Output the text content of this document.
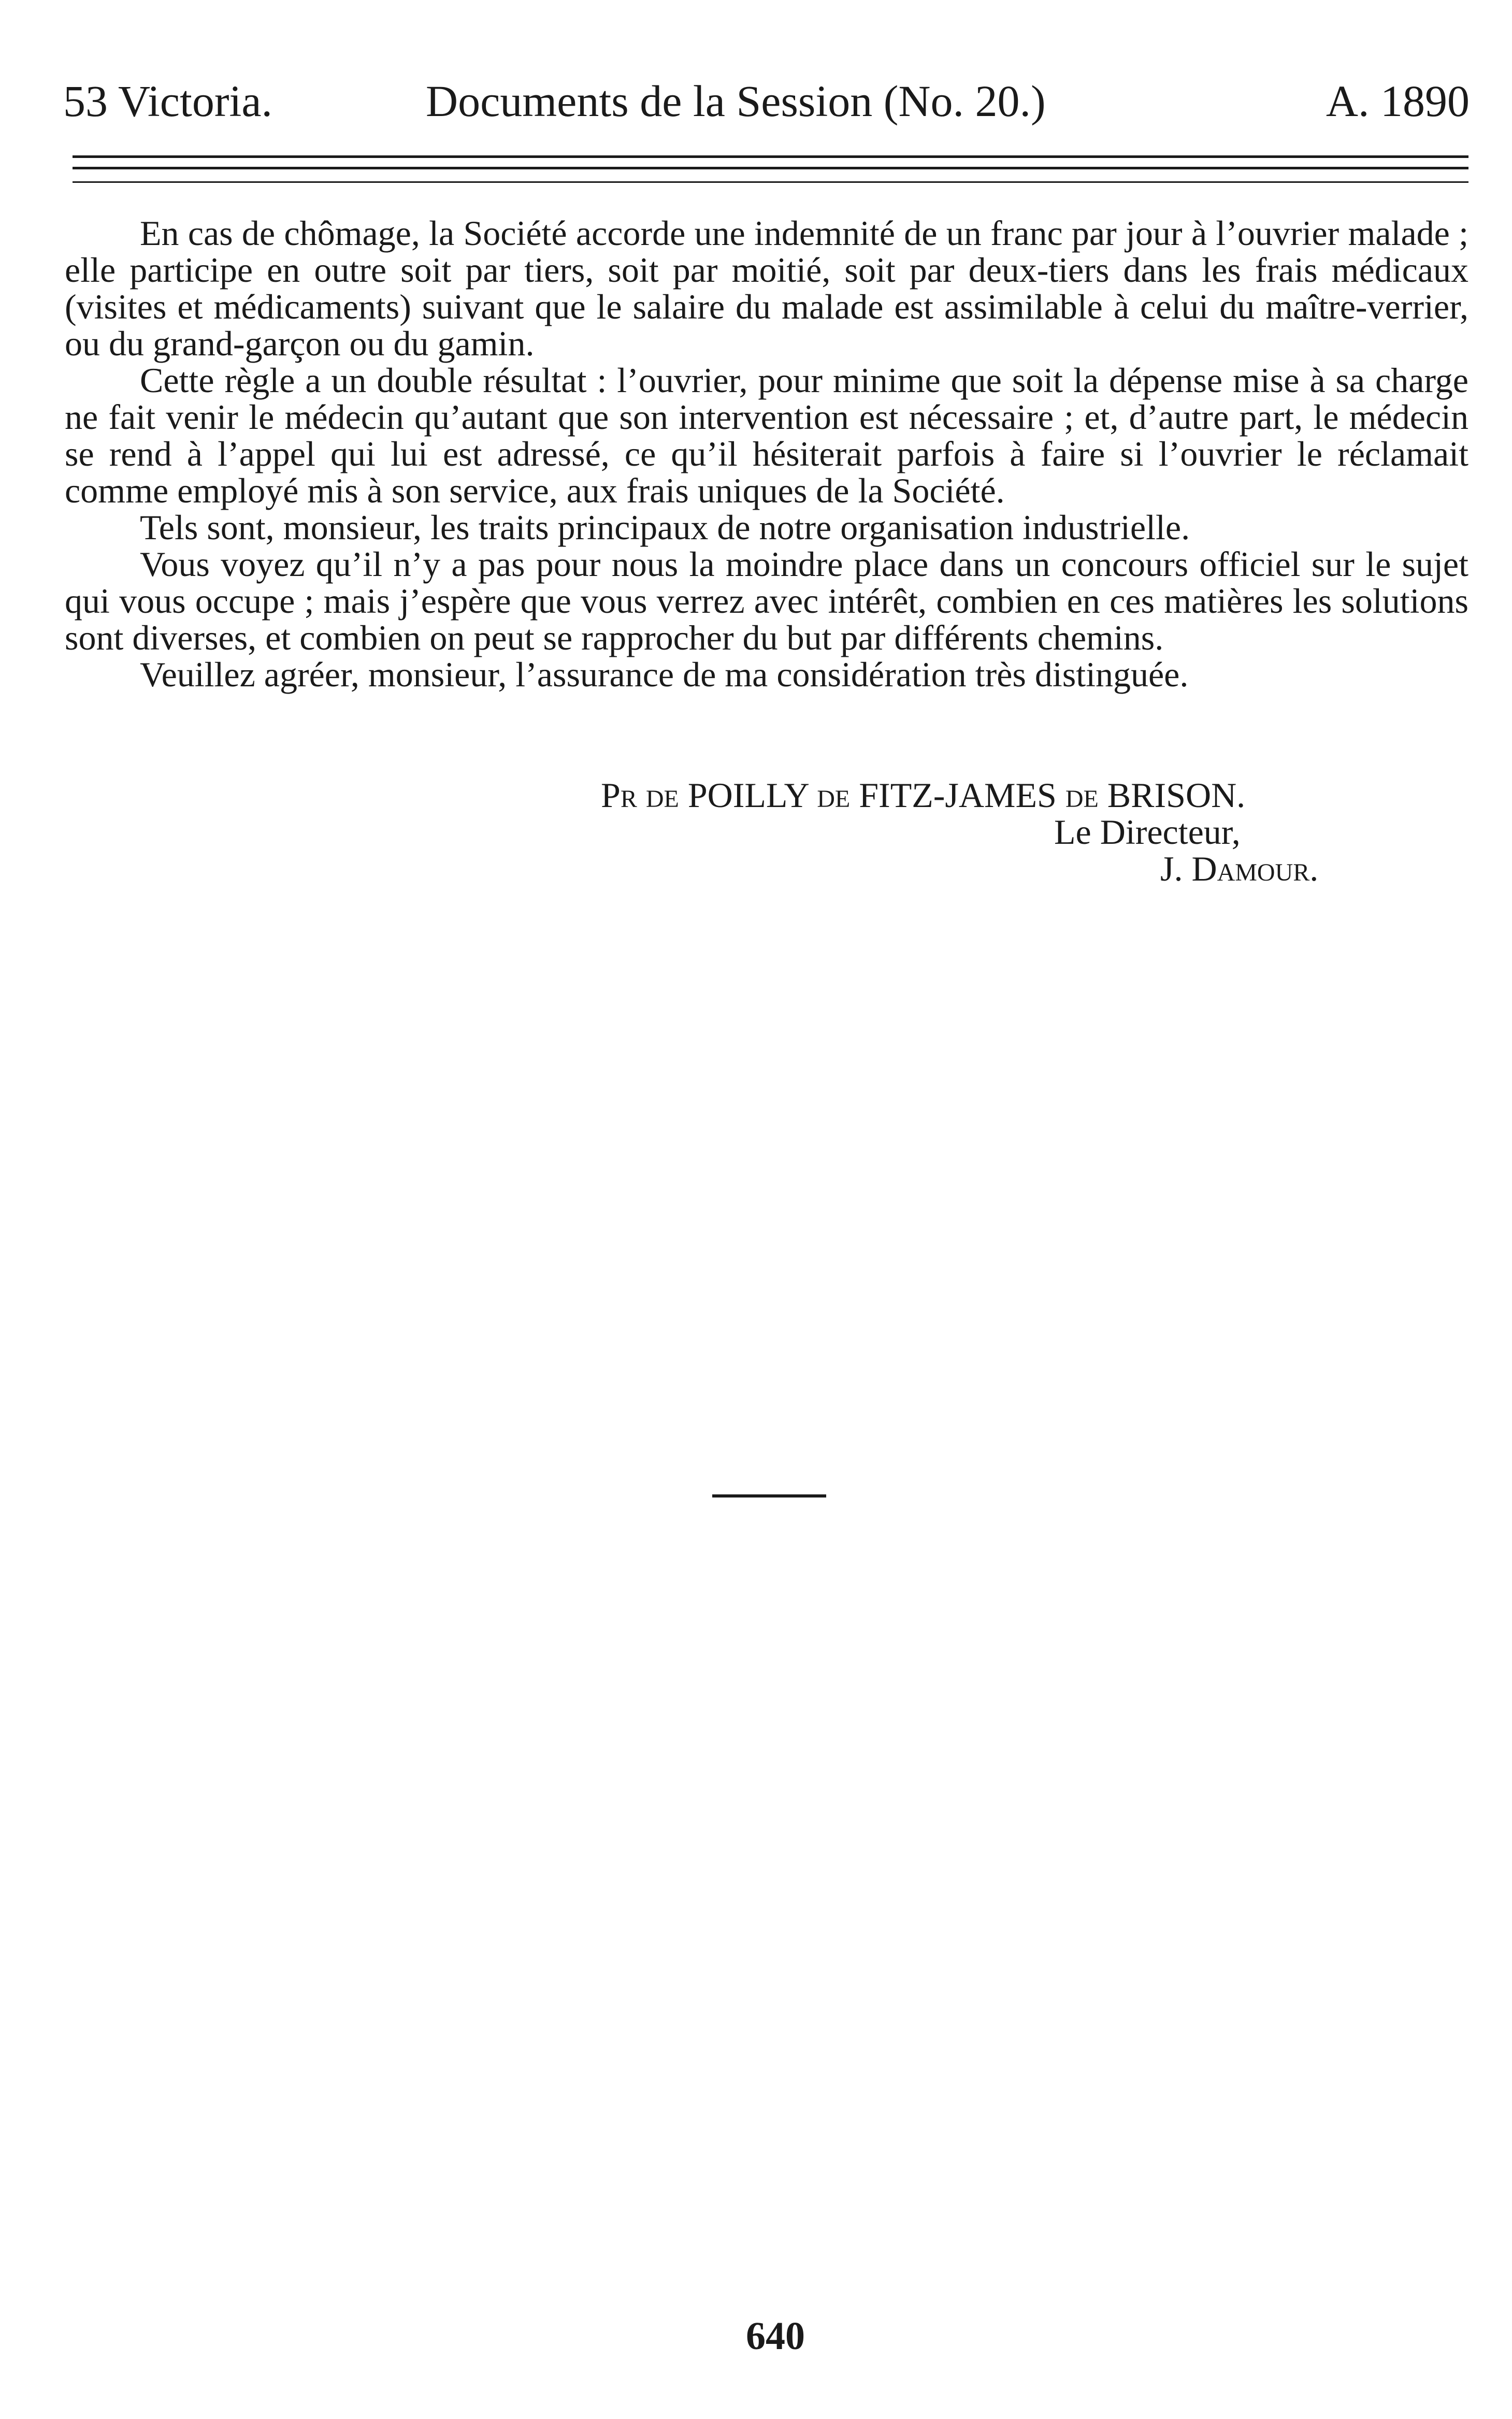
53 Victoria.	Documents de la Session (No. 20.)	A. 1890

En cas de chômage, la Société accorde une indemnité de un franc par jour à l’ouvrier malade ; elle participe en outre soit par tiers, soit par moitié, soit par deux-tiers dans les frais médicaux (visites et médicaments) suivant que le salaire du malade est assimilable à celui du maître-verrier, ou du grand-garçon ou du gamin.

Cette règle a un double résultat : l’ouvrier, pour minime que soit la dépense mise à sa charge ne fait venir le médecin qu’autant que son intervention est nécessaire ; et, d’autre part, le médecin se rend à l’appel qui lui est adressé, ce qu’il hésiterait parfois à faire si l’ouvrier le réclamait comme employé mis à son service, aux frais uniques de la Société.

Tels sont, monsieur, les traits principaux de notre organisation industrielle.

Vous voyez qu’il n’y a pas pour nous la moindre place dans un concours officiel sur le sujet qui vous occupe ; mais j’espère que vous verrez avec intérêt, combien en ces matières les solutions sont diverses, et combien on peut se rapprocher du but par différents chemins.

Veuillez agréer, monsieur, l’assurance de ma considération très distinguée.

Pr de POILLY de FITZ-JAMES de BRISON.
Le Directeur,
J. Damour.
640
